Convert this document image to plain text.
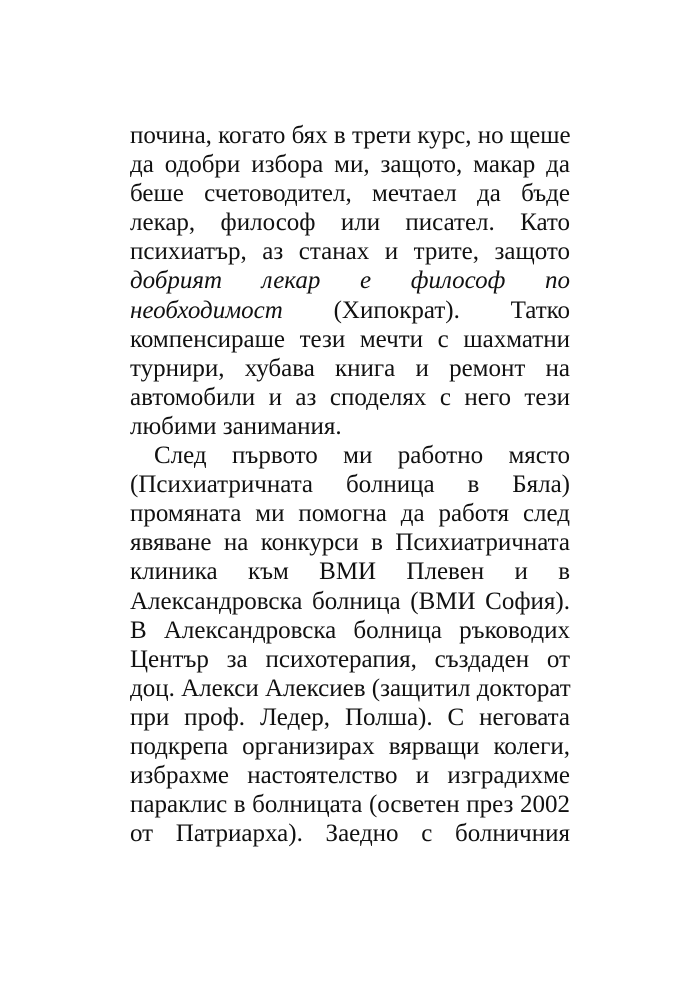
почина, когато бях в трети курс, но щеше
да одобри избора ми, защото, макар да
беше счетоводител, мечтаел да бъде
лекар, философ или писател. Като
психиатър, аз станах и трите, защото
добрият лекар е философ по
необходимост (Хипократ). Татко
компенсираше тези мечти с шахматни
турнири, хубава книга и ремонт на
автомобили и аз споделях с него тези
любими занимания.
След първото ми работно място
(Психиатричната болница в Бяла)
промяната ми помогна да работя след
явяване на конкурси в Психиатричната
клиника към ВМИ Плевен и в
Александровска болница (ВМИ София).
В Александровска болница ръководих
Център за психотерапия, създаден от
доц. Алекси Алексиев (защитил докторат
при проф. Ледер, Полша). С неговата
подкрепа организирах вярващи колеги,
избрахме настоятелство и изградихме
параклис в болницата (осветен през 2002
от Патриарха). Заедно с болничния
